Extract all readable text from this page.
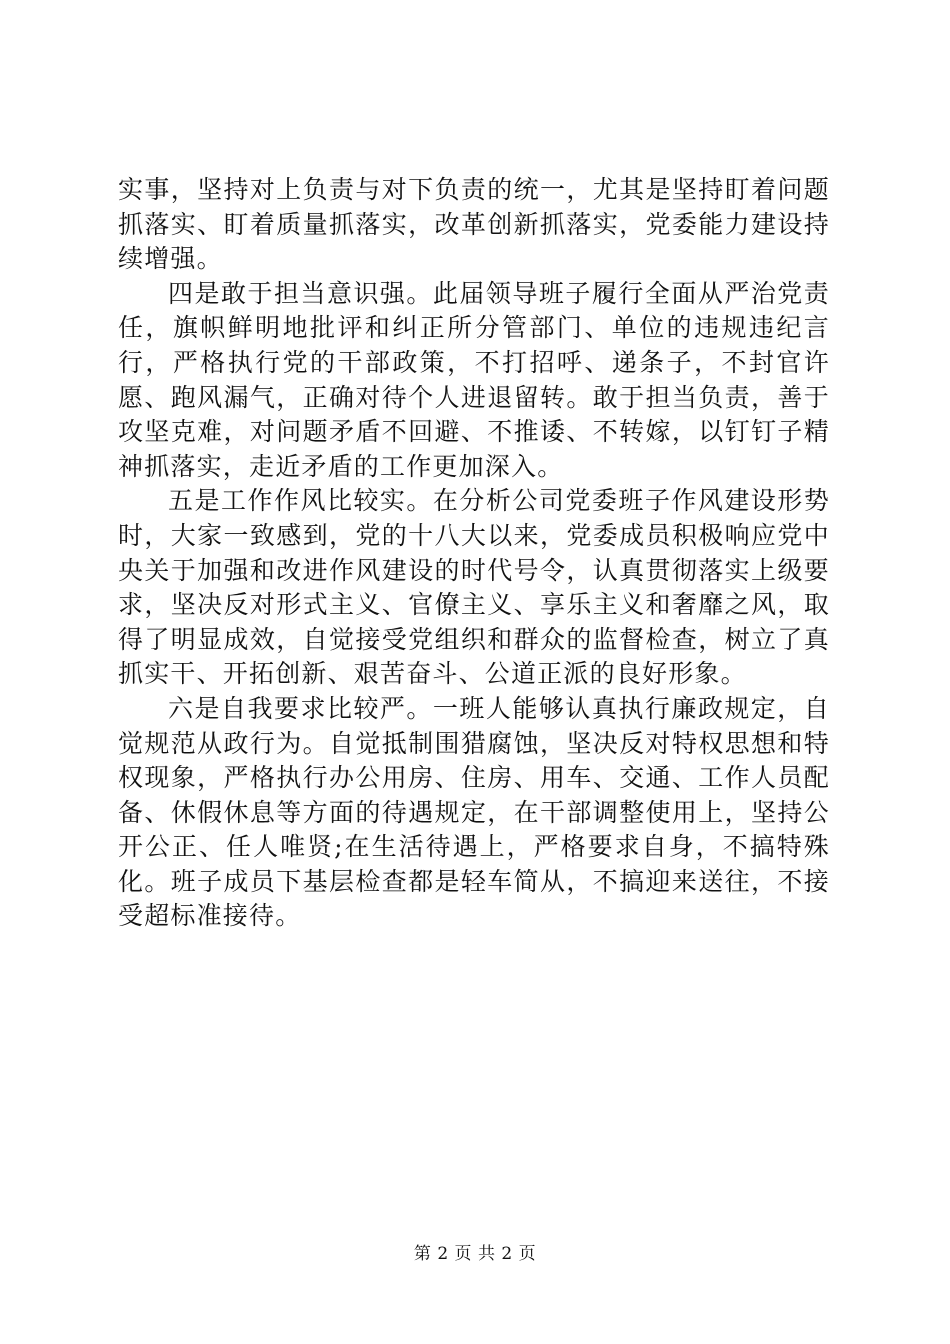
实事，坚持对上负责与对下负责的统一，尤其是坚持盯着问题抓落实、盯着质量抓落实，改革创新抓落实，党委能力建设持续增强。

四是敢于担当意识强。此届领导班子履行全面从严治党责任，旗帜鲜明地批评和纠正所分管部门、单位的违规违纪言行，严格执行党的干部政策，不打招呼、递条子，不封官许愿、跑风漏气，正确对待个人进退留转。敢于担当负责，善于攻坚克难，对问题矛盾不回避、不推诿、不转嫁，以钉钉子精神抓落实，走近矛盾的工作更加深入。

五是工作作风比较实。在分析公司党委班子作风建设形势时，大家一致感到，党的十八大以来，党委成员积极响应党中央关于加强和改进作风建设的时代号令，认真贯彻落实上级要求，坚决反对形式主义、官僚主义、享乐主义和奢靡之风，取得了明显成效，自觉接受党组织和群众的监督检查，树立了真抓实干、开拓创新、艰苦奋斗、公道正派的良好形象。

六是自我要求比较严。一班人能够认真执行廉政规定，自觉规范从政行为。自觉抵制围猎腐蚀，坚决反对特权思想和特权现象，严格执行办公用房、住房、用车、交通、工作人员配备、休假休息等方面的待遇规定，在干部调整使用上，坚持公开公正、任人唯贤;在生活待遇上，严格要求自身，不搞特殊化。班子成员下基层检查都是轻车简从，不搞迎来送往，不接受超标准接待。

第 2 页 共 2 页
